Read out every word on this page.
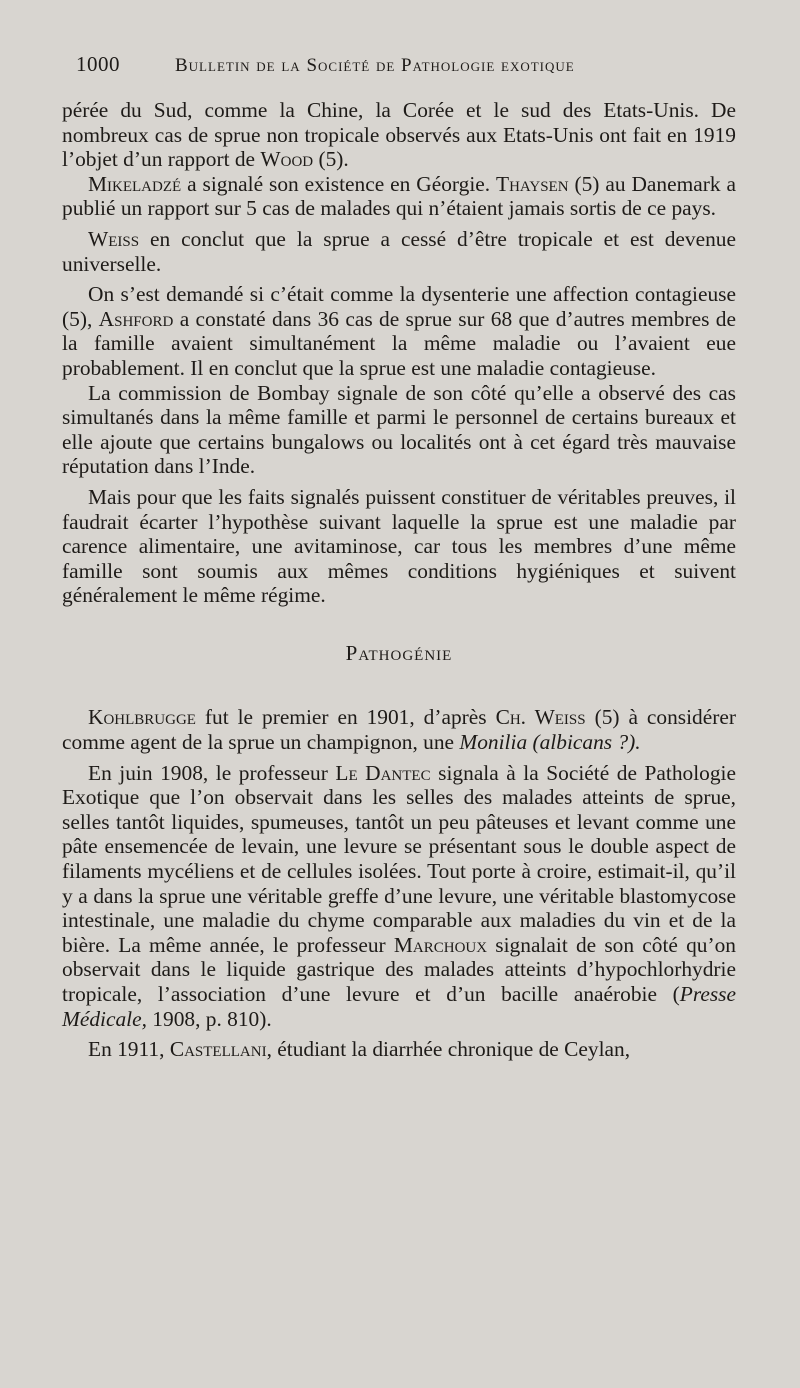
1000	Bulletin de la Société de Pathologie exotique

pérée du Sud, comme la Chine, la Corée et le sud des Etats-Unis. De nombreux cas de sprue non tropicale observés aux Etats-Unis ont fait en 1919 l’objet d’un rapport de Wood (5).

Mikeladzé a signalé son existence en Géorgie. Thaysen (5) au Danemark a publié un rapport sur 5 cas de malades qui n’étaient jamais sortis de ce pays.

Weiss en conclut que la sprue a cessé d’être tropicale et est devenue universelle.

On s’est demandé si c’était comme la dysenterie une affection contagieuse (5), Ashford a constaté dans 36 cas de sprue sur 68 que d’autres membres de la famille avaient simultanément la même maladie ou l’avaient eue probablement. Il en conclut que la sprue est une maladie contagieuse.

La commission de Bombay signale de son côté qu’elle a observé des cas simultanés dans la même famille et parmi le personnel de certains bureaux et elle ajoute que certains bungalows ou localités ont à cet égard très mauvaise réputation dans l’Inde.

Mais pour que les faits signalés puissent constituer de véritables preuves, il faudrait écarter l’hypothèse suivant laquelle la sprue est une maladie par carence alimentaire, une avitaminose, car tous les membres d’une même famille sont soumis aux mêmes conditions hygiéniques et suivent généralement le même régime.

Pathogénie

Kohlbrugge fut le premier en 1901, d’après Ch. Weiss (5) à considérer comme agent de la sprue un champignon, une Monilia (albicans ?).

En juin 1908, le professeur Le Dantec signala à la Société de Pathologie Exotique que l’on observait dans les selles des malades atteints de sprue, selles tantôt liquides, spumeuses, tantôt un peu pâteuses et levant comme une pâte ensemencée de levain, une levure se présentant sous le double aspect de filaments mycéliens et de cellules isolées. Tout porte à croire, estimait-il, qu’il y a dans la sprue une véritable greffe d’une levure, une véritable blastomycose intestinale, une maladie du chyme comparable aux maladies du vin et de la bière. La même année, le professeur Marchoux signalait de son côté qu’on observait dans le liquide gastrique des malades atteints d’hypochlorhydrie tropicale, l’association d’une levure et d’un bacille anaérobie (Presse Médicale, 1908, p. 810).

En 1911, Castellani, étudiant la diarrhée chronique de Ceylan,
